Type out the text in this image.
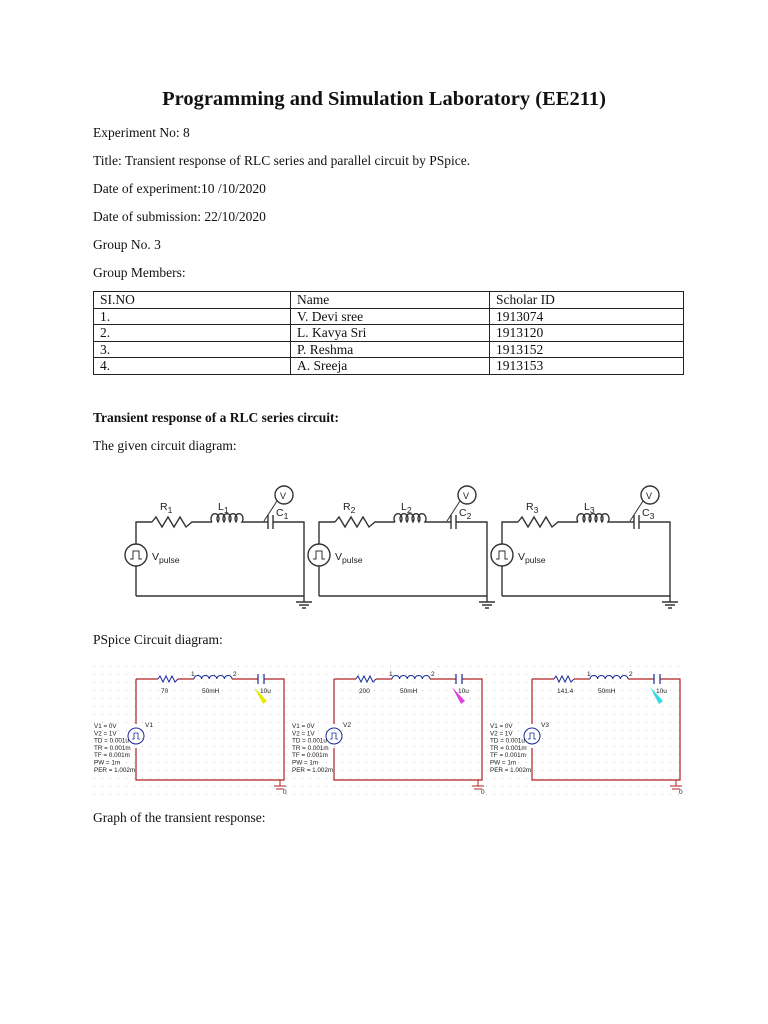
Programming and Simulation Laboratory (EE211)
Experiment No: 8
Title: Transient response of RLC series and parallel circuit by PSpice.
Date of experiment:10 /10/2020
Date of submission: 22/10/2020
Group No. 3
Group Members:
SI.NO	Name	Scholar ID
1.	V. Devi sree	1913074
2.	L. Kavya Sri	1913120
3.	P. Reshma	1913152
4.	A. Sreeja	1913153
Transient response of a RLC series circuit:
The given circuit diagram:
V
$R_1$	$L_1$	$C_1$
$V_{pulse}$
V
$R_2$	$L_2$	$C_2$
$V_{pulse}$
V
$R_3$	$L_3$	$C_3$
$V_{pulse}$
PSpice Circuit diagram:
70	50mH	10u
1	2
V1
0
V1 = 0V
V2 = 1V
TD = 0.001u
TR = 0.001m
TF = 0.001m
PW = 1m
PER = 1.002m
200	50mH	10u
1	2
V2
0
V1 = 0V
V2 = 1V
TD = 0.001u
TR = 0.001m
TF = 0.001m
PW = 1m
PER = 1.002m
141.4	50mH	10u
1	2
V3
0
V1 = 0V
V2 = 1V
TD = 0.001u
TR = 0.001m
TF = 0.001m
PW = 1m
PER = 1.002m
Graph of the transient response:
